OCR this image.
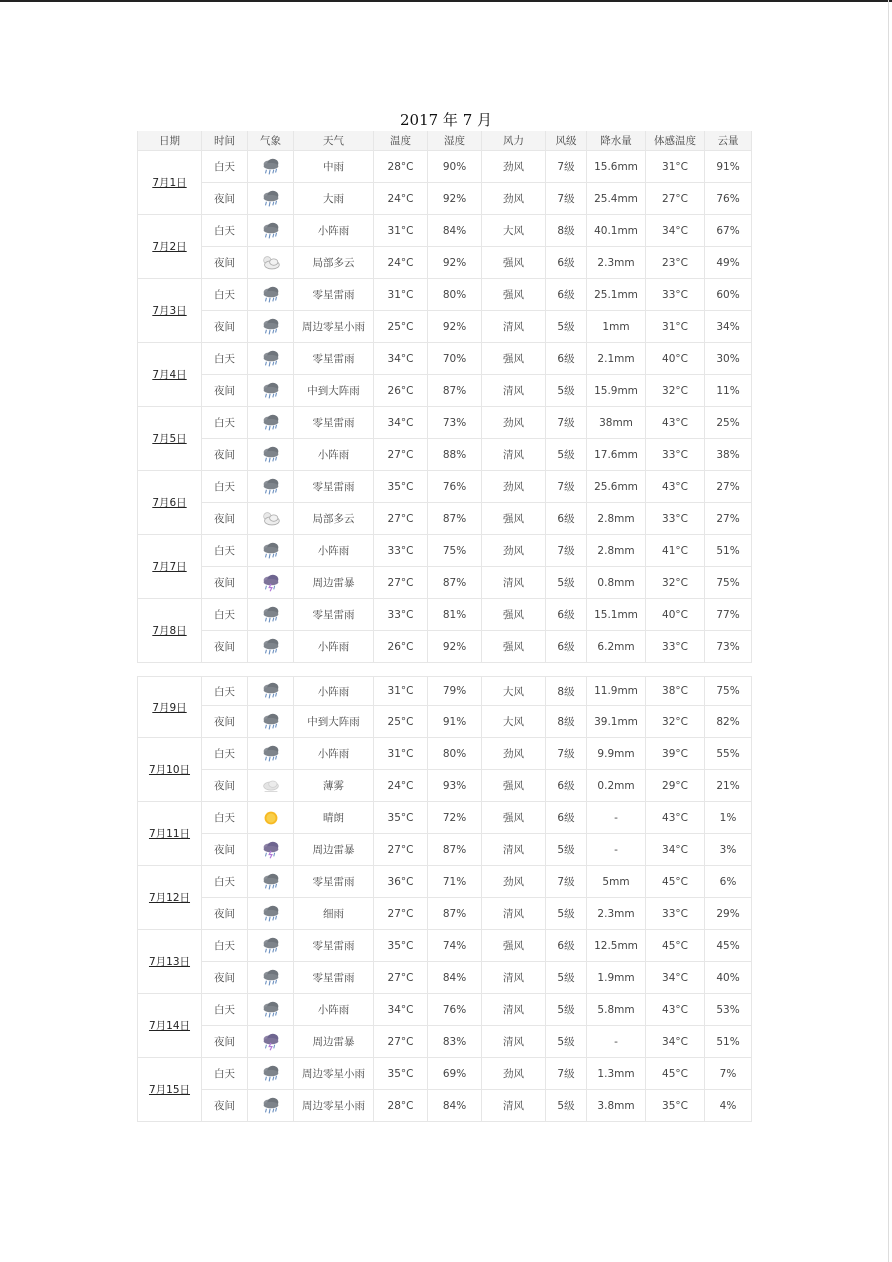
2017 年 7 月
日期	时间	气象	天气	温度	湿度	风力	风级	降水量	体感温度	云量
7月1日	白天		中雨	28°C	90%	劲风	7级	15.6mm	31°C	91%
	夜间		大雨	24°C	92%	劲风	7级	25.4mm	27°C	76%
7月2日	白天		小阵雨	31°C	84%	大风	8级	40.1mm	34°C	67%
	夜间		局部多云	24°C	92%	强风	6级	2.3mm	23°C	49%
7月3日	白天		零星雷雨	31°C	80%	强风	6级	25.1mm	33°C	60%
	夜间		周边零星小雨	25°C	92%	清风	5级	1mm	31°C	34%
7月4日	白天		零星雷雨	34°C	70%	强风	6级	2.1mm	40°C	30%
	夜间		中到大阵雨	26°C	87%	清风	5级	15.9mm	32°C	11%
7月5日	白天		零星雷雨	34°C	73%	劲风	7级	38mm	43°C	25%
	夜间		小阵雨	27°C	88%	清风	5级	17.6mm	33°C	38%
7月6日	白天		零星雷雨	35°C	76%	劲风	7级	25.6mm	43°C	27%
	夜间		局部多云	27°C	87%	强风	6级	2.8mm	33°C	27%
7月7日	白天		小阵雨	33°C	75%	劲风	7级	2.8mm	41°C	51%
	夜间		周边雷暴	27°C	87%	清风	5级	0.8mm	32°C	75%
7月8日	白天		零星雷雨	33°C	81%	强风	6级	15.1mm	40°C	77%
	夜间		小阵雨	26°C	92%	强风	6级	6.2mm	33°C	73%
7月9日	白天		小阵雨	31°C	79%	大风	8级	11.9mm	38°C	75%
	夜间		中到大阵雨	25°C	91%	大风	8级	39.1mm	32°C	82%
7月10日	白天		小阵雨	31°C	80%	劲风	7级	9.9mm	39°C	55%
	夜间		薄雾	24°C	93%	强风	6级	0.2mm	29°C	21%
7月11日	白天		晴朗	35°C	72%	强风	6级	-	43°C	1%
	夜间		周边雷暴	27°C	87%	清风	5级	-	34°C	3%
7月12日	白天		零星雷雨	36°C	71%	劲风	7级	5mm	45°C	6%
	夜间		细雨	27°C	87%	清风	5级	2.3mm	33°C	29%
7月13日	白天		零星雷雨	35°C	74%	强风	6级	12.5mm	45°C	45%
	夜间		零星雷雨	27°C	84%	清风	5级	1.9mm	34°C	40%
7月14日	白天		小阵雨	34°C	76%	清风	5级	5.8mm	43°C	53%
	夜间		周边雷暴	27°C	83%	清风	5级	-	34°C	51%
7月15日	白天		周边零星小雨	35°C	69%	劲风	7级	1.3mm	45°C	7%
	夜间		周边零星小雨	28°C	84%	清风	5级	3.8mm	35°C	4%
